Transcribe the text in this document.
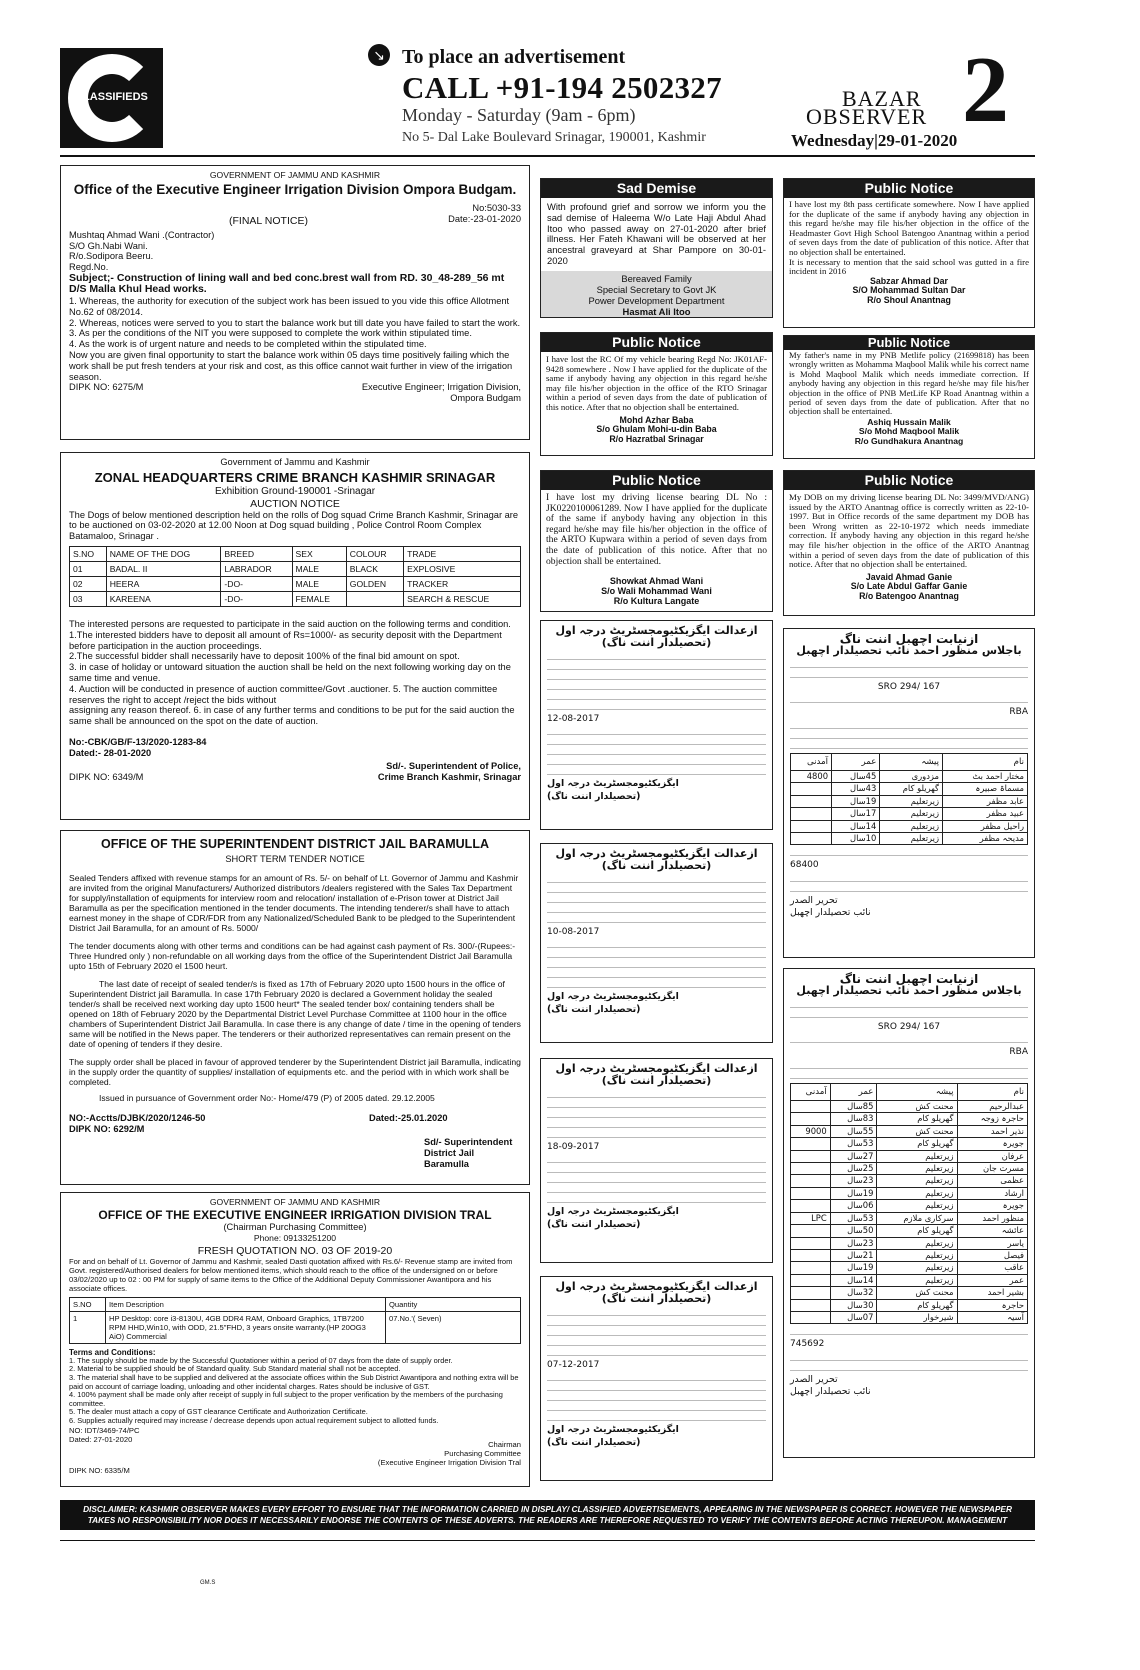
CLASSIFIEDS
↘ To place an advertisement
CALL +91-194 2502327
Monday - Saturday (9am - 6pm)
No 5- Dal Lake Boulevard Srinagar, 190001, Kashmir
BAZAR
OBSERVER 2
Wednesday|29-01-2020
GOVERNMENT OF JAMMU AND KASHMIR
Office of the Executive Engineer Irrigation Division Ompora Budgam.
No:5030-33
(FINAL NOTICE)	Date:-23-01-2020
Mushtaq Ahmad Wani .(Contractor)
S/O Gh.Nabi Wani.
R/o.Sodipora Beeru.
Regd.No.
Subject;- Construction of lining wall and bed conc.brest wall from RD. 30_48-289_56 mt D/S Malla Khul Head works.
1. Whereas, the authority for execution of the subject work has been issued to you vide this office Allotment No.62 of 08/2014.
2. Whereas, notices were served to you to start the balance work but till date you have failed to start the work.
3. As per the conditions of the NIT you were supposed to complete the work within stipulated time.
4. As the work is of urgent nature and needs to be completed within the stipulated time.
Now you are given final opportunity to start the balance work within 05 days time positively failing which the work shall be put fresh tenders at your risk and cost, as this office cannot wait further in view of the irrigation season.
DIPK NO: 6275/M	Executive Engineer; Irrigation Division,
Ompora Budgam
Government of Jammu and Kashmir
ZONAL HEADQUARTERS CRIME BRANCH KASHMIR SRINAGAR
Exhibition Ground-190001 -Srinagar
AUCTION NOTICE
The Dogs of below mentioned description held on the rolls of Dog squad Crime Branch Kashmir, Srinagar are to be auctioned on 03-02-2020 at 12.00 Noon at Dog squad building , Police Control Room Complex Batamaloo, Srinagar .
S.NO	NAME OF THE DOG	BREED	SEX	COLOUR	TRADE
01	BADAL. II	LABRADOR	MALE	BLACK	EXPLOSIVE
02	HEERA	-DO-	MALE	GOLDEN	TRACKER
03	KAREENA	-DO-	FEMALE		SEARCH & RESCUE
The interested persons are requested to participate in the said auction on the following terms and condition.
1.The interested bidders have to deposit all amount of Rs=1000/- as security deposit with the Department before participation in the auction proceedings.
2.The successful bidder shall necessarily have to deposit 100% of the final bid amount on spot.
3. in case of holiday or untoward situation the auction shall be held on the next following working day on the same time and venue.
4. Auction will be conducted in presence of auction committee/Govt .auctioner. 5. The auction committee reserves the right to accept /reject the bids without
assigning any reason thereof. 6. in case of any further terms and conditions to be put for the said auction the same shall be announced on the spot on the date of auction.
No:-CBK/GB/F-13/2020-1283-84
Dated:- 28-01-2020
Sd/-. Superintendent of Police,
Crime Branch Kashmir, Srinagar
DIPK NO: 6349/M
OFFICE OF THE SUPERINTENDENT DISTRICT JAIL BARAMULLA
SHORT TERM TENDER NOTICE
Sealed Tenders affixed with revenue stamps for an amount of Rs. 5/- on behalf of Lt. Governor of Jammu and Kashmir are invited from the original Manufacturers/ Authorized distributors /dealers registered with the Sales Tax Department for supply/installation of equipments for interview room and relocation/ installation of e-Prison tower at District Jail Baramulla as per the specification mentioned in the tender documents. The intending tenderer/s shall have to attach earnest money in the shape of CDR/FDR from any Nationalized/Scheduled Bank to be pledged to the Superintendent District Jail Baramulla, for an amount of Rs. 5000/
The tender documents along with other terms and conditions can be had against cash payment of Rs. 300/-(Rupees:- Three Hundred only ) non-refundable on all working days from the office of the Superintendent District Jail Baramulla upto 15th of February 2020 el 1500 heurt.
The last date of receipt of sealed tender/s is fixed as 17th of February 2020 upto 1500 hours in the office of Superintendent District jail Baramulla. In case 17th February 2020 is declared a Government holiday the sealed tender/s shall be received next working day upto 1500 heurt* The sealed tender box/ containing tenders shall be opened on 18th of February 2020 by the Departmental District Level Purchase Committee at 1100 hour in the office chambers of Superintendent District Jail Baramulla. In case there is any change of date / time in the opening of tenders same will be notified in the News paper. The tenderers or their authorized representatives can remain present on the date of opening of tenders if they desire.
The supply order shall be placed in favour of approved tenderer by the Superintendent District jail Baramulla, indicating in the supply order the quantity of supplies/ installation of equipments etc. and the period with in which work shall be completed.
Issued in pursuance of Government order No:- Home/479 (P) of 2005 dated. 29.12.2005
NO:-Acctts/DJBK/2020/1246-50	Dated:-25.01.2020
DIPK NO: 6292/M
Sd/- Superintendent
District Jail Baramulla
GOVERNMENT OF JAMMU AND KASHMIR
OFFICE OF THE EXECUTIVE ENGINEER IRRIGATION DIVISION TRAL
(Chairman Purchasing Committee)
Phone: 09133251200
FRESH QUOTATION NO. 03 OF 2019-20
For and on behalf of Lt. Governor of Jammu and Kashmir, sealed Dasti quotation affixed with Rs.6/- Revenue stamp are invited from Govt. registered/Authorised dealers for below mentioned items, which should reach to the office of the undersigned on or before 03/02/2020 up to 02 : 00 PM for supply of same items to the Office of the Additional Deputy Commissioner Awantipora and his associate offices.
S.NO	Item Description	Quantity
1	HP Desktop: core i3-8130U, 4GB DDR4 RAM, Onboard Graphics, 1TB7200 RPM HHD,Win10, with ODD, 21.5"FHD, 3 years onsite warranty.(HP 20OG3 AiO) Commercial	07.No.'( Seven)
Terms and Conditions:
1. The supply should be made by the Successful Quotationer within a period of 07 days from the date of supply order.
2. Material to be supplied should be of Standard quality. Sub Standard material shall not be accepted.
3. The material shall have to be supplied and delivered at the associate offices within the Sub District Awantipora and nothing extra will be paid on account of carriage loading, unloading and other incidental charges. Rates should be inclusive of GST.
4. 100% payment shall be made only after receipt of supply in full subject to the proper verification by the members of the purchasing committee.
5. The dealer must attach a copy of GST clearance Certificate and Authorization Certificate.
6. Supplies actually required may increase / decrease depends upon actual requirement subject to allotted funds.
NO: IDT/3469-74/PC
Dated: 27-01-2020
Chairman
Purchasing Committee
(Executive Engineer Irrigation Division Tral
DIPK NO: 6335/M
Sad Demise
With profound grief and sorrow we inform you the sad demise of Haleema W/o Late Haji Abdul Ahad Itoo who passed away on 27-01-2020 after brief illness. Her Fateh Khawani will be observed at her ancestral graveyard at Shar Pampore on 30-01-2020
Bereaved Family
Special Secretary to Govt JK
Power Development Department
Hasmat Ali Itoo
Public Notice
I have lost the RC Of my vehicle bearing Regd No: JK01AF-9428 somewhere . Now I have applied for the duplicate of the same if anybody having any objection in this regard he/she may file his/her objection in the office of the RTO Srinagar within a period of seven days from the date of publication of this notice. After that no objection shall be entertained.
Mohd Azhar Baba
S/o Ghulam Mohi-u-din Baba
R/o Hazratbal Srinagar
Public Notice
I have lost my driving license bearing DL No : JK0220100061289. Now I have applied for the duplicate of the same if anybody having any objection in this regard he/she may file his/her objection in the office of the ARTO Kupwara within a period of seven days from the date of publication of this notice. After that no objection shall be entertained.
Showkat Ahmad Wani
S/o Wali Mohammad Wani
R/o Kultura Langate
Public Notice
I have lost my 8th pass certificate somewhere. Now I have applied for the duplicate of the same if anybody having any objection in this regard he/she may file his/her objection in the office of the Headmaster Govt High School Batengoo Anantnag within a period of seven days from the date of publication of this notice. After that no objection shall be entertained.
It is necessary to mention that the said school was gutted in a fire incident in 2016
Sabzar Ahmad Dar
S/O Mohammad Sultan Dar
R/o Shoul Anantnag
Public Notice
My father's name in my PNB Metlife policy (21699818) has been wrongly written as Mohamma Maqbool Malik while his correct name is Mohd Maqbool Malik which needs immediate correction. If anybody having any objection in this regard he/she may file his/her objection in the office of PNB MetLife KP Road Anantnag within a period of seven days from the date of publication. After that no objection shall be entertained.
Ashiq Hussain Malik
S/o Mohd Maqbool Malik
R/o Gundhakura Anantnag
Public Notice
My DOB on my driving license bearing DL No: 3499/MVD/ANG) issued by the ARTO Anantnag office is correctly written as 22-10-1997. But in Office records of the same department my DOB has been Wrong written as 22-10-1972 which needs immediate correction. If anybody having any objection in this regard he/she may file his/her objection in the office of the ARTO Anantnag within a period of seven days from the date of publication of this notice. After that no objection shall be entertained.
Javaid Ahmad Ganie
S/o Late Abdul Gaffar Ganie
R/o Batengoo Anantnag
ازعدالت ایگزیکٹیومجسٹریٹ درجہ اول (تحصیلدار اننت ناگ)
12-08-2017
ایگزیکٹیومجسٹریٹ درجہ اول
(تحصیلدار اننت ناگ)
ازعدالت ایگزیکٹیومجسٹریٹ درجہ اول (تحصیلدار اننت ناگ)
10-08-2017
ایگزیکٹیومجسٹریٹ درجہ اول
(تحصیلدار اننت ناگ)
ازعدالت ایگزیکٹیومجسٹریٹ درجہ اول (تحصیلدار اننت ناگ)
18-09-2017
ایگزیکٹیومجسٹریٹ درجہ اول
(تحصیلدار اننت ناگ)
ازعدالت ایگزیکٹیومجسٹریٹ درجہ اول (تحصیلدار اننت ناگ)
07-12-2017
ایگزیکٹیومجسٹریٹ درجہ اول
(تحصیلدار اننت ناگ)
ازنیابت اچھبل اننت ناگ
باجلاس منظور احمد نائب تحصیلدار اچھبل
SRO 294/ 167
RBA
نام	پیشہ	عمر	آمدنی
مختار احمد بٹ	مزدوری	45سال	4800
مسماۃ صبیرہ	گھریلو کام	43سال	
عابد مظفر	زیرتعلیم	19سال	
عبید مظفر	زیرتعلیم	17سال	
راحیل مظفر	زیرتعلیم	14سال	
مدیحہ مظفر	زیرتعلیم	10سال	
68400
تحریر الصدر
نائب تحصیلدار اچھبل
ازنیابت اچھبل اننت ناگ
باجلاس منظور احمد نائب تحصیلدار اچھبل
SRO 294/ 167
RBA
نام	پیشہ	عمر	آمدنی
عبدالرحیم	محنت کش	85سال	
حاجرہ زوجہ	گھریلو کام	83سال	
نذیر احمد	محنت کش	55سال	9000
جویرہ	گھریلو کام	53سال	
عرفان	زیرتعلیم	27سال	
مسرت جان	زیرتعلیم	25سال	
عظمی	زیرتعلیم	23سال	
ارشاد	زیرتعلیم	19سال	
جویرہ	زیرتعلیم	06سال	
منظور احمد	سرکاری ملازم	53سال	LPC
عائشہ	گھریلو کام	50سال	
یاسر	زیرتعلیم	23سال	
فیصل	زیرتعلیم	21سال	
عاقب	زیرتعلیم	19سال	
عمر	زیرتعلیم	14سال	
بشیر احمد	محنت کش	32سال	
حاجرہ	گھریلو کام	30سال	
آسیہ	شیرخوار	07سال	
745692
تحریر الصدر
نائب تحصیلدار اچھبل
DISCLAIMER: KASHMIR OBSERVER MAKES EVERY EFFORT TO ENSURE THAT THE INFORMATION CARRIED IN DISPLAY/ CLASSIFIED ADVERTISEMENTS, APPEARING IN THE NEWSPAPER IS CORRECT. HOWEVER THE NEWSPAPER TAKES NO RESPONSIBILITY NOR DOES IT NECESSARILY ENDORSE THE CONTENTS OF THESE ADVERTS. THE READERS ARE THEREFORE REQUESTED TO VERIFY THE CONTENTS BEFORE ACTING THEREUPON. MANAGEMENT
GM.S
